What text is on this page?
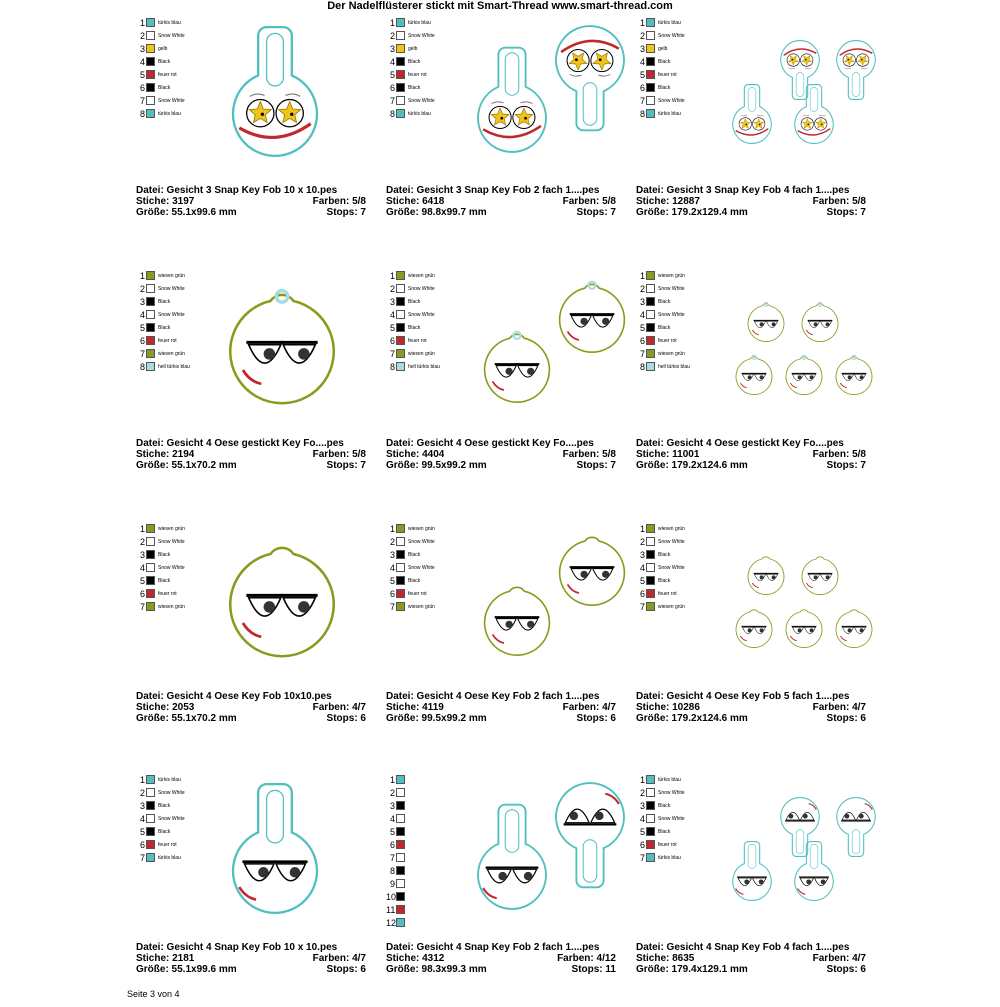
Der Nadelflüsterer stickt mit Smart-Thread www.smart-thread.com
1	türkis blau
2	Snow White
3	gelb
4	Black
5	feuer rot
6	Black
7	Snow White
8	türkis blau
Datei: Gesicht 3 Snap Key Fob 10 x 10.pes
Stiche: 3197	Farben: 5/8
Größe: 55.1x99.6 mm	Stops: 7
1	türkis blau
2	Snow White
3	gelb
4	Black
5	feuer rot
6	Black
7	Snow White
8	türkis blau
Datei: Gesicht 3 Snap Key Fob 2 fach 1....pes
Stiche: 6418	Farben: 5/8
Größe: 98.8x99.7 mm	Stops: 7
1	türkis blau
2	Snow White
3	gelb
4	Black
5	feuer rot
6	Black
7	Snow White
8	türkis blau
Datei: Gesicht 3 Snap Key Fob 4 fach 1....pes
Stiche: 12887	Farben: 5/8
Größe: 179.2x129.4 mm	Stops: 7
1	wiesen grün
2	Snow White
3	Black
4	Snow White
5	Black
6	feuer rot
7	wiesen grün
8	hell türkis blau
Datei: Gesicht 4 Oese gestickt Key Fo....pes
Stiche: 2194	Farben: 5/8
Größe: 55.1x70.2 mm	Stops: 7
1	wiesen grün
2	Snow White
3	Black
4	Snow White
5	Black
6	feuer rot
7	wiesen grün
8	hell türkis blau
Datei: Gesicht 4 Oese gestickt Key Fo....pes
Stiche: 4404	Farben: 5/8
Größe: 99.5x99.2 mm	Stops: 7
1	wiesen grün
2	Snow White
3	Black
4	Snow White
5	Black
6	feuer rot
7	wiesen grün
8	hell türkis blau
Datei: Gesicht 4 Oese gestickt Key Fo....pes
Stiche: 11001	Farben: 5/8
Größe: 179.2x124.6 mm	Stops: 7
1	wiesen grün
2	Snow White
3	Black
4	Snow White
5	Black
6	feuer rot
7	wiesen grün
Datei: Gesicht 4 Oese Key Fob 10x10.pes
Stiche: 2053	Farben: 4/7
Größe: 55.1x70.2 mm	Stops: 6
1	wiesen grün
2	Snow White
3	Black
4	Snow White
5	Black
6	feuer rot
7	wiesen grün
Datei: Gesicht 4 Oese Key Fob 2 fach 1....pes
Stiche: 4119	Farben: 4/7
Größe: 99.5x99.2 mm	Stops: 6
1	wiesen grün
2	Snow White
3	Black
4	Snow White
5	Black
6	feuer rot
7	wiesen grün
Datei: Gesicht 4 Oese Key Fob 5 fach 1....pes
Stiche: 10286	Farben: 4/7
Größe: 179.2x124.6 mm	Stops: 6
1	türkis blau
2	Snow White
3	Black
4	Snow White
5	Black
6	feuer rot
7	türkis blau
Datei: Gesicht 4 Snap Key Fob 10 x 10.pes
Stiche: 2181	Farben: 4/7
Größe: 55.1x99.6 mm	Stops: 6
1
2
3
4
5
6
7
8
9
10
11
12
Datei: Gesicht 4 Snap Key Fob 2 fach 1....pes
Stiche: 4312	Farben: 4/12
Größe: 98.3x99.3 mm	Stops: 11
1	türkis blau
2	Snow White
3	Black
4	Snow White
5	Black
6	feuer rot
7	türkis blau
Datei: Gesicht 4 Snap Key Fob 4 fach 1....pes
Stiche: 8635	Farben: 4/7
Größe: 179.4x129.1 mm	Stops: 6
Seite 3 von 4
